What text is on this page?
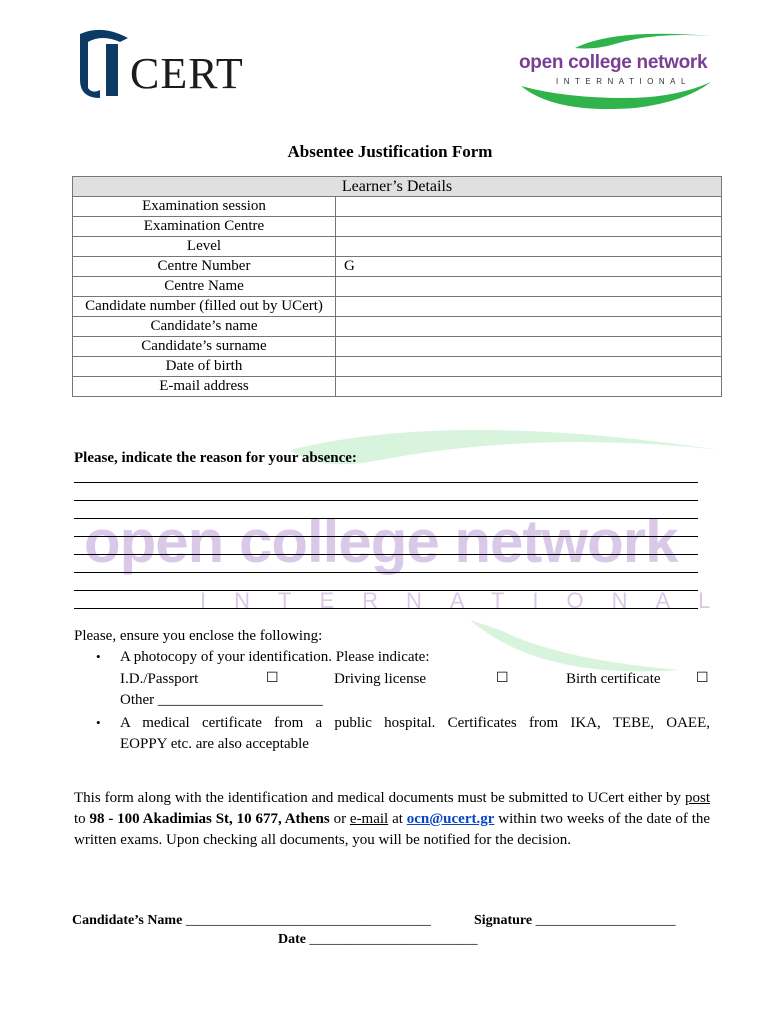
CERT	open college network
INTERNATIONAL
open college network
INTERNATIONAL
Absentee Justification Form
Learner’s Details	
Examination session	
Examination Centre	
Level	
Centre Number	G
Centre Name	
Candidate number (filled out by UCert)	
Candidate’s name	
Candidate’s surname	
Date of birth	
E-mail address	
Please, indicate the reason for your absence:
Please, ensure you enclose the following:
• A photocopy of your identification. Please indicate:
I.D./Passport	☐	Driving license	☐	Birth certificate	☐
Other ______________________
• A medical certificate from a public hospital. Certificates from IKA, TEBE, OAEE,
EOPPY etc. are also acceptable
This form along with the identification and medical documents must be submitted to UCert either by post to 98 - 100 Akadimias St, 10 677, Athens or e-mail at ocn@ucert.gr within two weeks of the date of the written exams. Upon checking all documents, you will be notified for the decision.
Candidate’s Name ___________________________________	Signature ____________________
Date ________________________
